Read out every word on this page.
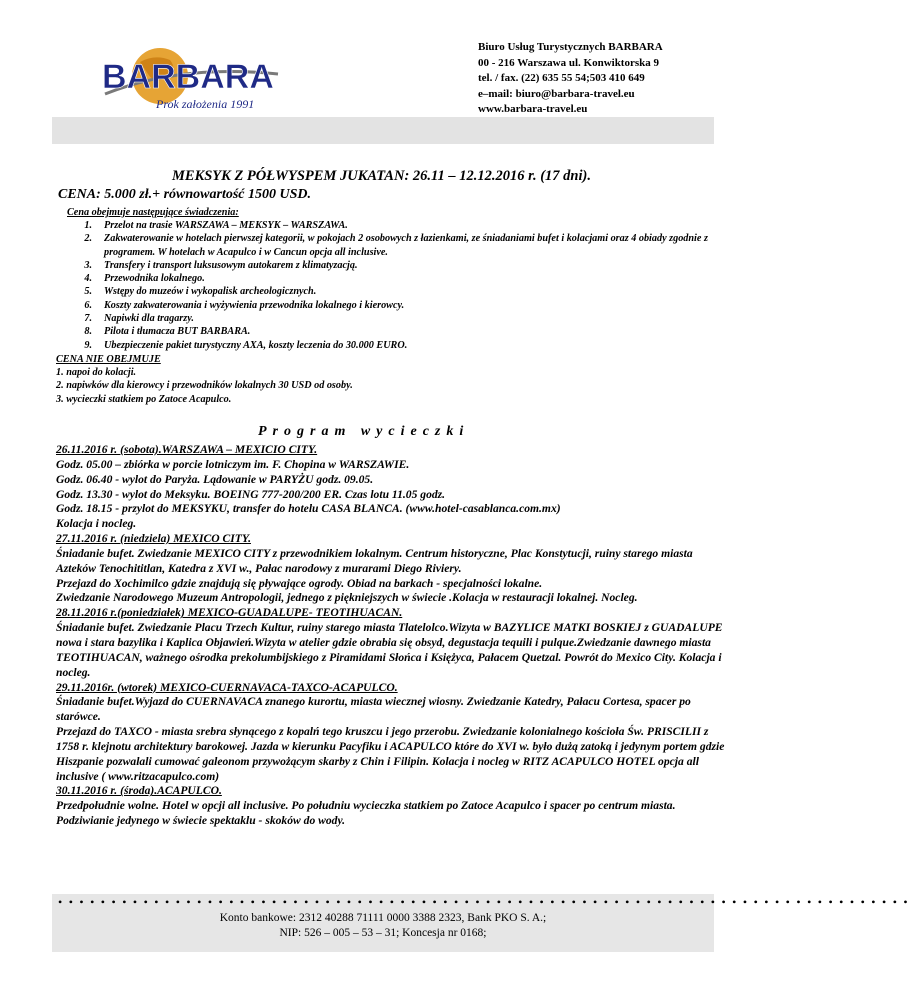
BARBARA
Prok założenia 1991
Biuro Usług Turystycznych BARBARA
00 - 216 Warszawa ul. Konwiktorska 9
tel. / fax. (22) 635 55 54;503 410 649
e–mail: biuro@barbara-travel.eu
www.barbara-travel.eu
MEKSYK Z PÓŁWYSPEM JUKATAN: 26.11 – 12.12.2016 r. (17 dni).
CENA: 5.000 zł.+ równowartość 1500 USD.
Cena obejmuje następujące świadczenia:
1. Przelot na trasie WARSZAWA – MEKSYK – WARSZAWA.
2. Zakwaterowanie w hotelach pierwszej kategorii, w pokojach 2 osobowych z łazienkami, ze śniadaniami bufet i kolacjami oraz 4 obiady zgodnie z programem. W hotelach w Acapulco i w Cancun opcja all inclusive.
3. Transfery i transport luksusowym autokarem z klimatyzacją.
4. Przewodnika lokalnego.
5. Wstępy do muzeów i wykopalisk archeologicznych.
6. Koszty zakwaterowania i wyżywienia przewodnika lokalnego i kierowcy.
7. Napiwki dla tragarzy.
8. Pilota i tłumacza BUT BARBARA.
9. Ubezpieczenie pakiet turystyczny AXA, koszty leczenia do 30.000 EURO.
CENA NIE OBEJMUJE
1. napoi do kolacji.
2. napiwków dla kierowcy i przewodników lokalnych 30 USD od osoby.
3. wycieczki statkiem po Zatoce Acapulco.
Program wycieczki

26.11.2016 r. (sobota).WARSZAWA – MEXICIO CITY.

Godz. 05.00 – zbiórka w porcie lotniczym im. F. Chopina w WARSZAWIE.

Godz. 06.40 - wylot do Paryża. Lądowanie w PARYŻU godz. 09.05.

Godz. 13.30 - wylot do Meksyku. BOEING 777-200/200 ER. Czas lotu 11.05 godz.

Godz. 18.15 - przylot do MEKSYKU, transfer do hotelu CASA BLANCA. (www.hotel-casablanca.com.mx)

Kolacja i nocleg.

27.11.2016 r. (niedziela) MEXICO CITY.

Śniadanie bufet. Zwiedzanie MEXICO CITY z przewodnikiem lokalnym. Centrum historyczne, Plac Konstytucji, ruiny starego miasta Azteków Tenochititlan, Katedra z XVI w., Pałac narodowy z murarami Diego Riviery.

Przejazd do Xochimilco gdzie znajdują się pływające ogrody. Obiad na barkach - specjalności lokalne.

Zwiedzanie Narodowego Muzeum Antropologii, jednego z piękniejszych w świecie .Kolacja w restauracji lokalnej. Nocleg.

28.11.2016 r.(poniedziałek) MEXICO-GUADALUPE- TEOTIHUACAN.

Śniadanie bufet. Zwiedzanie Placu Trzech Kultur, ruiny starego miasta Tlatelolco.Wizyta w BAZYLICE MATKI BOSKIEJ z GUADALUPE nowa i stara bazylika i Kaplica Objawień.Wizyta w atelier gdzie obrabia się obsyd, degustacja tequili i pulque.Zwiedzanie dawnego miasta TEOTIHUACAN, ważnego ośrodka prekolumbijskiego z Piramidami Słońca i Księżyca, Pałacem Quetzal. Powrót do Mexico City. Kolacja i nocleg.

29.11.2016r. (wtorek) MEXICO-CUERNAVACA-TAXCO-ACAPULCO.

Śniadanie bufet.Wyjazd do CUERNAVACA znanego kurortu, miasta wiecznej wiosny. Zwiedzanie Katedry, Pałacu Cortesa, spacer po starówce.

Przejazd do TAXCO - miasta srebra słynącego z kopalń tego kruszcu i jego przerobu. Zwiedzanie kolonialnego kościoła Św. PRISCILII z 1758 r. klejnotu architektury barokowej. Jazda w kierunku Pacyfiku i ACAPULCO które do XVI w. było dużą zatoką i jedynym portem gdzie Hiszpanie pozwalali cumować galeonom przywożącym skarby z Chin i Filipin. Kolacja i nocleg w RITZ ACAPULCO HOTEL opcja all inclusive ( www.ritzacapulco.com)

30.11.2016 r. (środa).ACAPULCO.

Przedpołudnie wolne. Hotel w opcji all inclusive. Po południu wycieczka statkiem po Zatoce Acapulco i spacer po centrum miasta. Podziwianie jedynego w świecie spektaklu - skoków do wody.

••••••••••••••••••••••••••••••••••••••••••••••••••••••••••••••••••••••••••••••••
Konto bankowe: 2312 40288 71111 0000 3388 2323, Bank PKO S. A.;
NIP: 526 – 005 – 53 – 31; Koncesja nr 0168;
